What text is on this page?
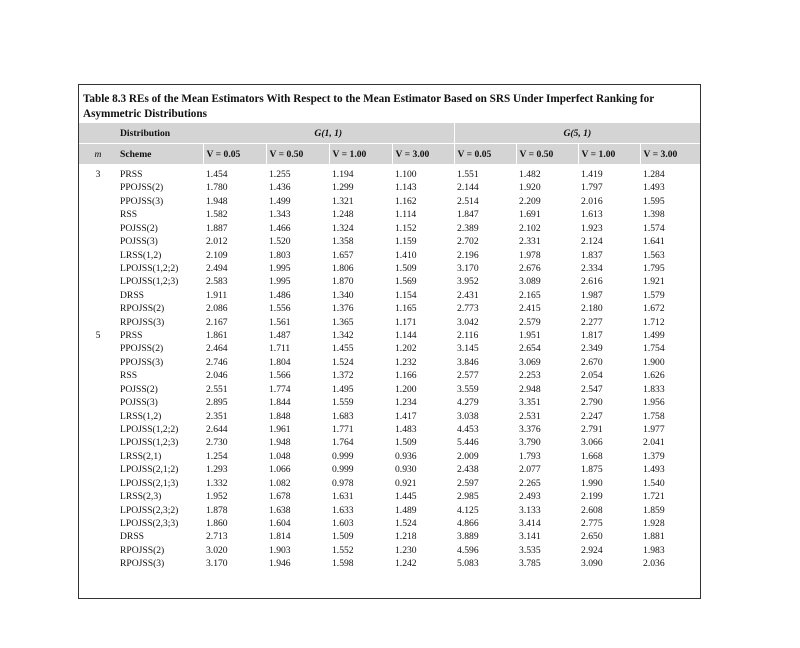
Table 8.3 REs of the Mean Estimators With Respect to the Mean Estimator Based on SRS Under Imperfect Ranking for Asymmetric Distributions
	Distribution	G(1, 1)				G(5, 1)			
m	Scheme	V = 0.05	V = 0.50	V = 1.00	V = 3.00	V = 0.05	V = 0.50	V = 1.00	V = 3.00
3	PRSS	1.454	1.255	1.194	1.100	1.551	1.482	1.419	1.284
	PPOJSS(2)	1.780	1.436	1.299	1.143	2.144	1.920	1.797	1.493
	PPOJSS(3)	1.948	1.499	1.321	1.162	2.514	2.209	2.016	1.595
	RSS	1.582	1.343	1.248	1.114	1.847	1.691	1.613	1.398
	POJSS(2)	1.887	1.466	1.324	1.152	2.389	2.102	1.923	1.574
	POJSS(3)	2.012	1.520	1.358	1.159	2.702	2.331	2.124	1.641
	LRSS(1,2)	2.109	1.803	1.657	1.410	2.196	1.978	1.837	1.563
	LPOJSS(1,2;2)	2.494	1.995	1.806	1.509	3.170	2.676	2.334	1.795
	LPOJSS(1,2;3)	2.583	1.995	1.870	1.569	3.952	3.089	2.616	1.921
	DRSS	1.911	1.486	1.340	1.154	2.431	2.165	1.987	1.579
	RPOJSS(2)	2.086	1.556	1.376	1.165	2.773	2.415	2.180	1.672
	RPOJSS(3)	2.167	1.561	1.365	1.171	3.042	2.579	2.277	1.712
5	PRSS	1.861	1.487	1.342	1.144	2.116	1.951	1.817	1.499
	PPOJSS(2)	2.464	1.711	1.455	1.202	3.145	2.654	2.349	1.754
	PPOJSS(3)	2.746	1.804	1.524	1.232	3.846	3.069	2.670	1.900
	RSS	2.046	1.566	1.372	1.166	2.577	2.253	2.054	1.626
	POJSS(2)	2.551	1.774	1.495	1.200	3.559	2.948	2.547	1.833
	POJSS(3)	2.895	1.844	1.559	1.234	4.279	3.351	2.790	1.956
	LRSS(1,2)	2.351	1.848	1.683	1.417	3.038	2.531	2.247	1.758
	LPOJSS(1,2;2)	2.644	1.961	1.771	1.483	4.453	3.376	2.791	1.977
	LPOJSS(1,2;3)	2.730	1.948	1.764	1.509	5.446	3.790	3.066	2.041
	LRSS(2,1)	1.254	1.048	0.999	0.936	2.009	1.793	1.668	1.379
	LPOJSS(2,1;2)	1.293	1.066	0.999	0.930	2.438	2.077	1.875	1.493
	LPOJSS(2,1;3)	1.332	1.082	0.978	0.921	2.597	2.265	1.990	1.540
	LRSS(2,3)	1.952	1.678	1.631	1.445	2.985	2.493	2.199	1.721
	LPOJSS(2,3;2)	1.878	1.638	1.633	1.489	4.125	3.133	2.608	1.859
	LPOJSS(2,3;3)	1.860	1.604	1.603	1.524	4.866	3.414	2.775	1.928
	DRSS	2.713	1.814	1.509	1.218	3.889	3.141	2.650	1.881
	RPOJSS(2)	3.020	1.903	1.552	1.230	4.596	3.535	2.924	1.983
	RPOJSS(3)	3.170	1.946	1.598	1.242	5.083	3.785	3.090	2.036
